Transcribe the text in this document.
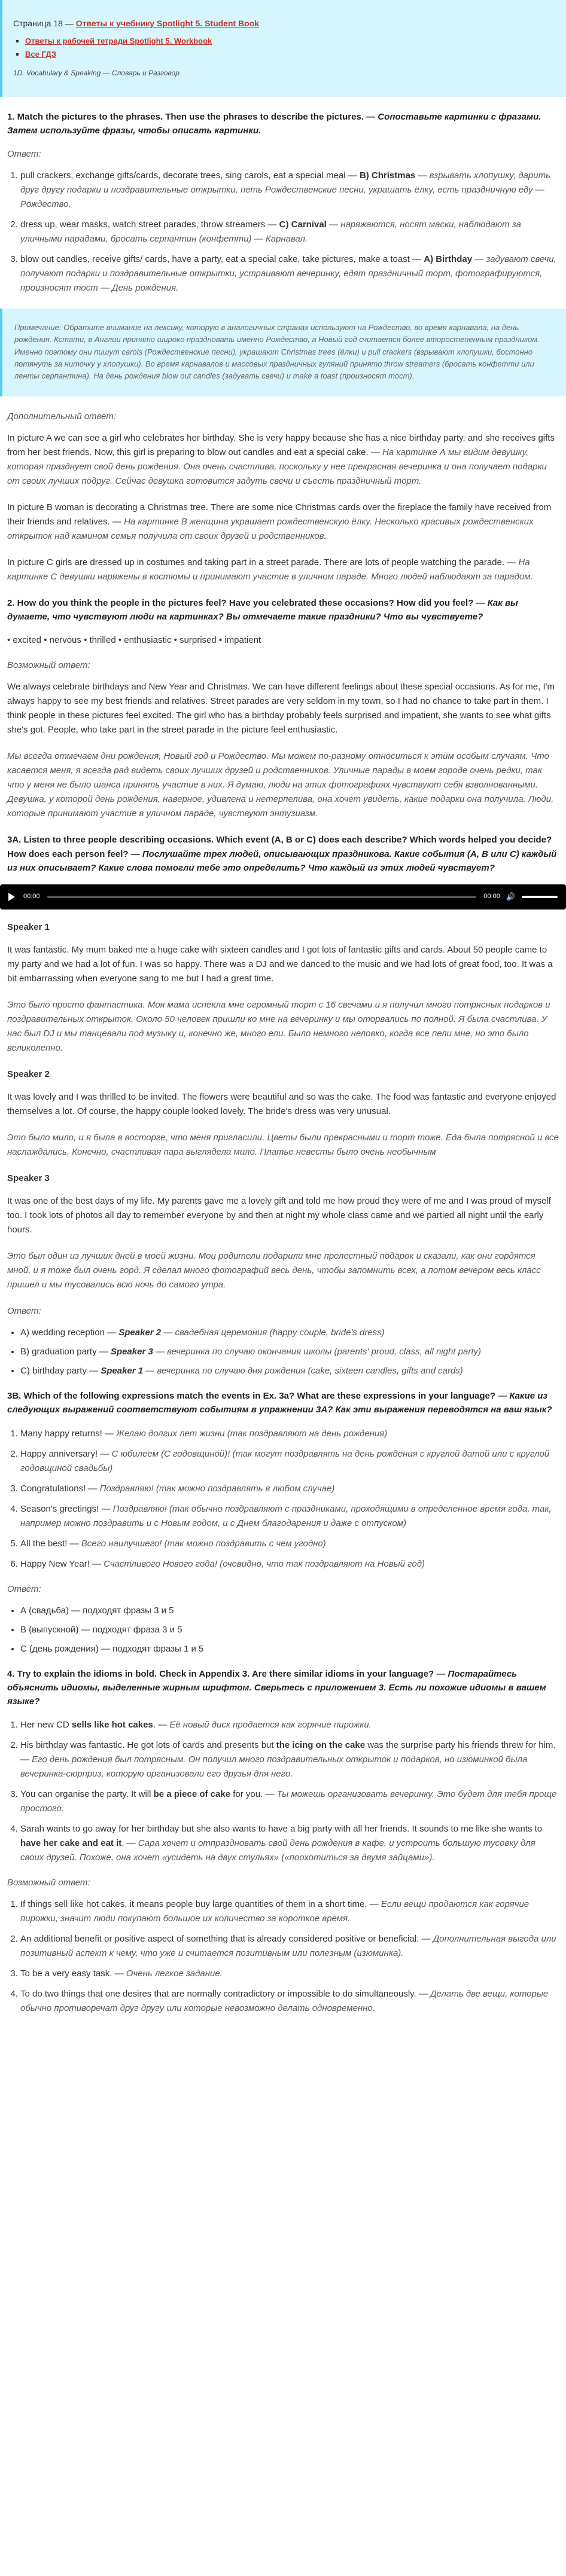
Страница 18 — Ответы к учебнику Spotlight 5. Student Book
▪ Ответы к рабочей тетради Spotlight 5. Workbook
▪ Все ГДЗ
1D. Vocabulary & Speaking — Словарь и Разговор
1. Match the pictures to the phrases. Then use the phrases to describe the pictures. — Сопоставьте картинки с фразами. Затем используйте фразы, чтобы описать картинки.
Ответ:
1. pull crackers, exchange gifts/cards, decorate trees, sing carols, eat a special meal — B) Christmas — взрывать хлопушку, дарить друг другу подарки и поздравительные открытки, петь Рождественские песни, украшать ёлку, есть праздничную еду — Рождество.
2. dress up, wear masks, watch street parades, throw streamers — C) Carnival — наряжаются, носят маски, наблюдают за уличными парадами, бросать серпантин (конфетти) — Карнавал.
3. blow out candles, receive gifts/ cards, have a party, eat a special cake, take pictures, make a toast — A) Birthday — задувают свечи, получают подарки и поздравительные открытки, устраивают вечеринку, едят праздничный торт, фотографируются, произносят тост — День рождения.
Примечание: Обратите внимание на лексику, которую в аналогичных странах используют на Рождество, во время карнавала, на день рождения. Кстати, в Англии принято широко праздновать именно Рождество, а Новый год считается более второстепенным праздником. Именно поэтому они пишут carols (Рождественские песни), украшают Christmas trees (ёлки) и pull crackers (взрывают хлопушки, бостонно потянуть за ниточку у хлопушки). Во время карнавалов и массовых праздничных гуляний принято throw streamers (бросать конфетти или ленты серпантина). На день рождения blow out candles (задувать свечи) и make a toast (произносят тост).
Дополнительный ответ:

In picture A we can see a girl who celebrates her birthday. She is very happy because she has a nice birthday party, and she receives gifts from her best friends. Now, this girl is preparing to blow out candles and eat a special cake. — На картинке А мы видим девушку, которая празднует свой день рождения. Она очень счастлива, поскольку у нее прекрасная вечеринка и она получает подарки от своих лучших подруг. Сейчас девушка готовится задуть свечи и съесть праздничный торт.

In picture B woman is decorating a Christmas tree. There are some nice Christmas cards over the fireplace the family have received from their friends and relatives. — На картинке В женщина украшает рождественскую ёлку. Несколько красивых рождественских открыток над камином семья получила от своих друзей и родственников.

In picture C girls are dressed up in costumes and taking part in a street parade. There are lots of people watching the parade. — На картинке С девушки наряжены в костюмы и принимают участие в уличном параде. Много людей наблюдают за парадом.

2. How do you think the people in the pictures feel? Have you celebrated these occasions? How did you feel? — Как вы думаете, что чувствуют люди на картинках? Вы отмечаете такие праздники? Что вы чувствуете?

• excited • nervous • thrilled • enthusiastic • surprised • impatient

Возможный ответ:

We always celebrate birthdays and New Year and Christmas. We can have different feelings about these special occasions. As for me, I'm always happy to see my best friends and relatives. Street parades are very seldom in my town, so I had no chance to take part in them. I think people in these pictures feel excited. The girl who has a birthday probably feels surprised and impatient, she wants to see what gifts she's got. People, who take part in the street parade in the picture feel enthusiastic.

Мы всегда отмечаем дни рождения, Новый год и Рождество. Мы можем по-разному относиться к этим особым случаям. Что касается меня, я всегда рад видеть своих лучших друзей и родственников. Уличные парады в моем городе очень редки, так что у меня не было шанса принять участие в них. Я думаю, люди на этих фотографиях чувствуют себя взволнованными. Девушка, у которой день рождения, наверное, удивлена и нетерпелива, она хочет увидеть, какие подарки она получила. Люди, которые принимают участие в уличном параде, чувствуют энтузиазм.

3A. Listen to three people describing occasions. Which event (A, B or C) does each describe? Which words helped you decide? How does each person feel? — Послушайте трех людей, описывающих праздникова. Какие события (A, B или C) каждый из них описывает? Какие слова помогли тебе это определить? Что каждый из этих людей чувствует?
00:00	00:00 🔊
Speaker 1

It was fantastic. My mum baked me a huge cake with sixteen candles and I got lots of fantastic gifts and cards. About 50 people came to my party and we had a lot of fun. I was so happy. There was a DJ and we danced to the music and we had lots of great food, too. It was a bit embarrassing when everyone sang to me but I had a great time.

Это было просто фантастика. Моя мама испекла мне огромный торт с 16 свечами и я получил много потрясных подарков и поздравительных открыток. Около 50 человек пришли ко мне на вечеринку и мы оторвались по полной. Я была счастлива. У нас был DJ и мы танцевали под музыку и, конечно же, много ели. Было немного неловко, когда все пели мне, но это было великолепно.

Speaker 2

It was lovely and I was thrilled to be invited. The flowers were beautiful and so was the cake. The food was fantastic and everyone enjoyed themselves a lot. Of course, the happy couple looked lovely. The bride's dress was very unusual.

Это было мило, и я была в восторге, что меня пригласили. Цветы были прекрасными и торт тоже. Еда была потрясной и все наслаждались. Конечно, счастливая пара выглядела мило. Платье невесты было очень необычным

Speaker 3

It was one of the best days of my life. My parents gave me a lovely gift and told me how proud they were of me and I was proud of myself too. I took lots of photos all day to remember everyone by and then at night my whole class came and we partied all night until the early hours.

Это был один из лучших дней в моей жизни. Мои родители подарили мне прелестный подарок и сказали, как они гордятся мной, и я тоже был очень горд. Я сделал много фотографий весь день, чтобы запомнить всех, а потом вечером весь класс пришел и мы тусовались всю ночь до самого утра.

Ответ:
• A) wedding reception — Speaker 2 — свадебная церемония (happy couple, bride's dress)
• B) graduation party — Speaker 3 — вечеринка по случаю окончания школы (parents' proud, class, all night party)
• C) birthday party — Speaker 1 — вечеринка по случаю дня рождения (cake, sixteen candles, gifts and cards)
3B. Which of the following expressions match the events in Ex. 3a? What are these expressions in your language? — Какие из следующих выражений соответствуют событиям в упражнении 3A? Как эти выражения переводятся на ваш язык?
1. Many happy returns! — Желаю долгих лет жизни (так поздравляют на день рождения)
2. Happy anniversary! — С юбилеем (С годовщиной)! (так могут поздравлять на день рождения с круглой датой или с круглой годовщиной свадьбы)
3. Congratulations! — Поздравляю! (так можно поздравлять в любом случае)
4. Season's greetings! — Поздравляю! (так обычно поздравляют с праздниками, проходящими в определенное время года, так, например можно поздравить и с Новым годом, и с Днем благодарения и даже с отпуском)
5. All the best! — Всего наилучшего! (так можно поздравить с чем угодно)
6. Happy New Year! — Счастливого Нового года! (очевидно, что так поздравляют на Новый год)
Ответ:
• А (свадьба) — подходят фразы 3 и 5
• B (выпускной) — подходят фраза 3 и 5
• С (день рождения) — подходят фразы 1 и 5
4. Try to explain the idioms in bold. Check in Appendix 3. Are there similar idioms in your language? — Постарайтесь объяснить идиомы, выделенные жирным шрифтом. Сверьтесь с приложением 3. Есть ли похожие идиомы в вашем языке?
1. Her new CD sells like hot cakes. — Её новый диск продается как горячие пирожки.
2. His birthday was fantastic. He got lots of cards and presents but the icing on the cake was the surprise party his friends threw for him. — Его день рождения был потрясным. Он получил много поздравительных открыток и подарков, но изюминкой была вечеринка-сюрприз, которую организовали его друзья для него.
3. You can organise the party. It will be a piece of cake for you. — Ты можешь организовать вечеринку. Это будет для тебя проще простого.
4. Sarah wants to go away for her birthday but she also wants to have a big party with all her friends. It sounds to me like she wants to have her cake and eat it. — Сара хочет и отпраздновать свой день рождения в кафе, и устроить большую тусовку для своих друзей. Похоже, она хочет «усидеть на двух стульях» («поохотиться за двумя зайцами»).
Возможный ответ:
1. If things sell like hot cakes, it means people buy large quantities of them in a short time. — Если вещи продаются как горячие пирожки, значит люди покупают большое их количество за короткое время.
2. An additional benefit or positive aspect of something that is already considered positive or beneficial. — Дополнительная выгода или позитивный аспект к чему, что уже и считается позитивным или полезным (изюминка).
3. To be a very easy task. — Очень легкое задание.
4. To do two things that one desires that are normally contradictory or impossible to do simultaneously. — Делать две вещи, которые обычно противоречат друг другу или которые невозможно делать одновременно.
